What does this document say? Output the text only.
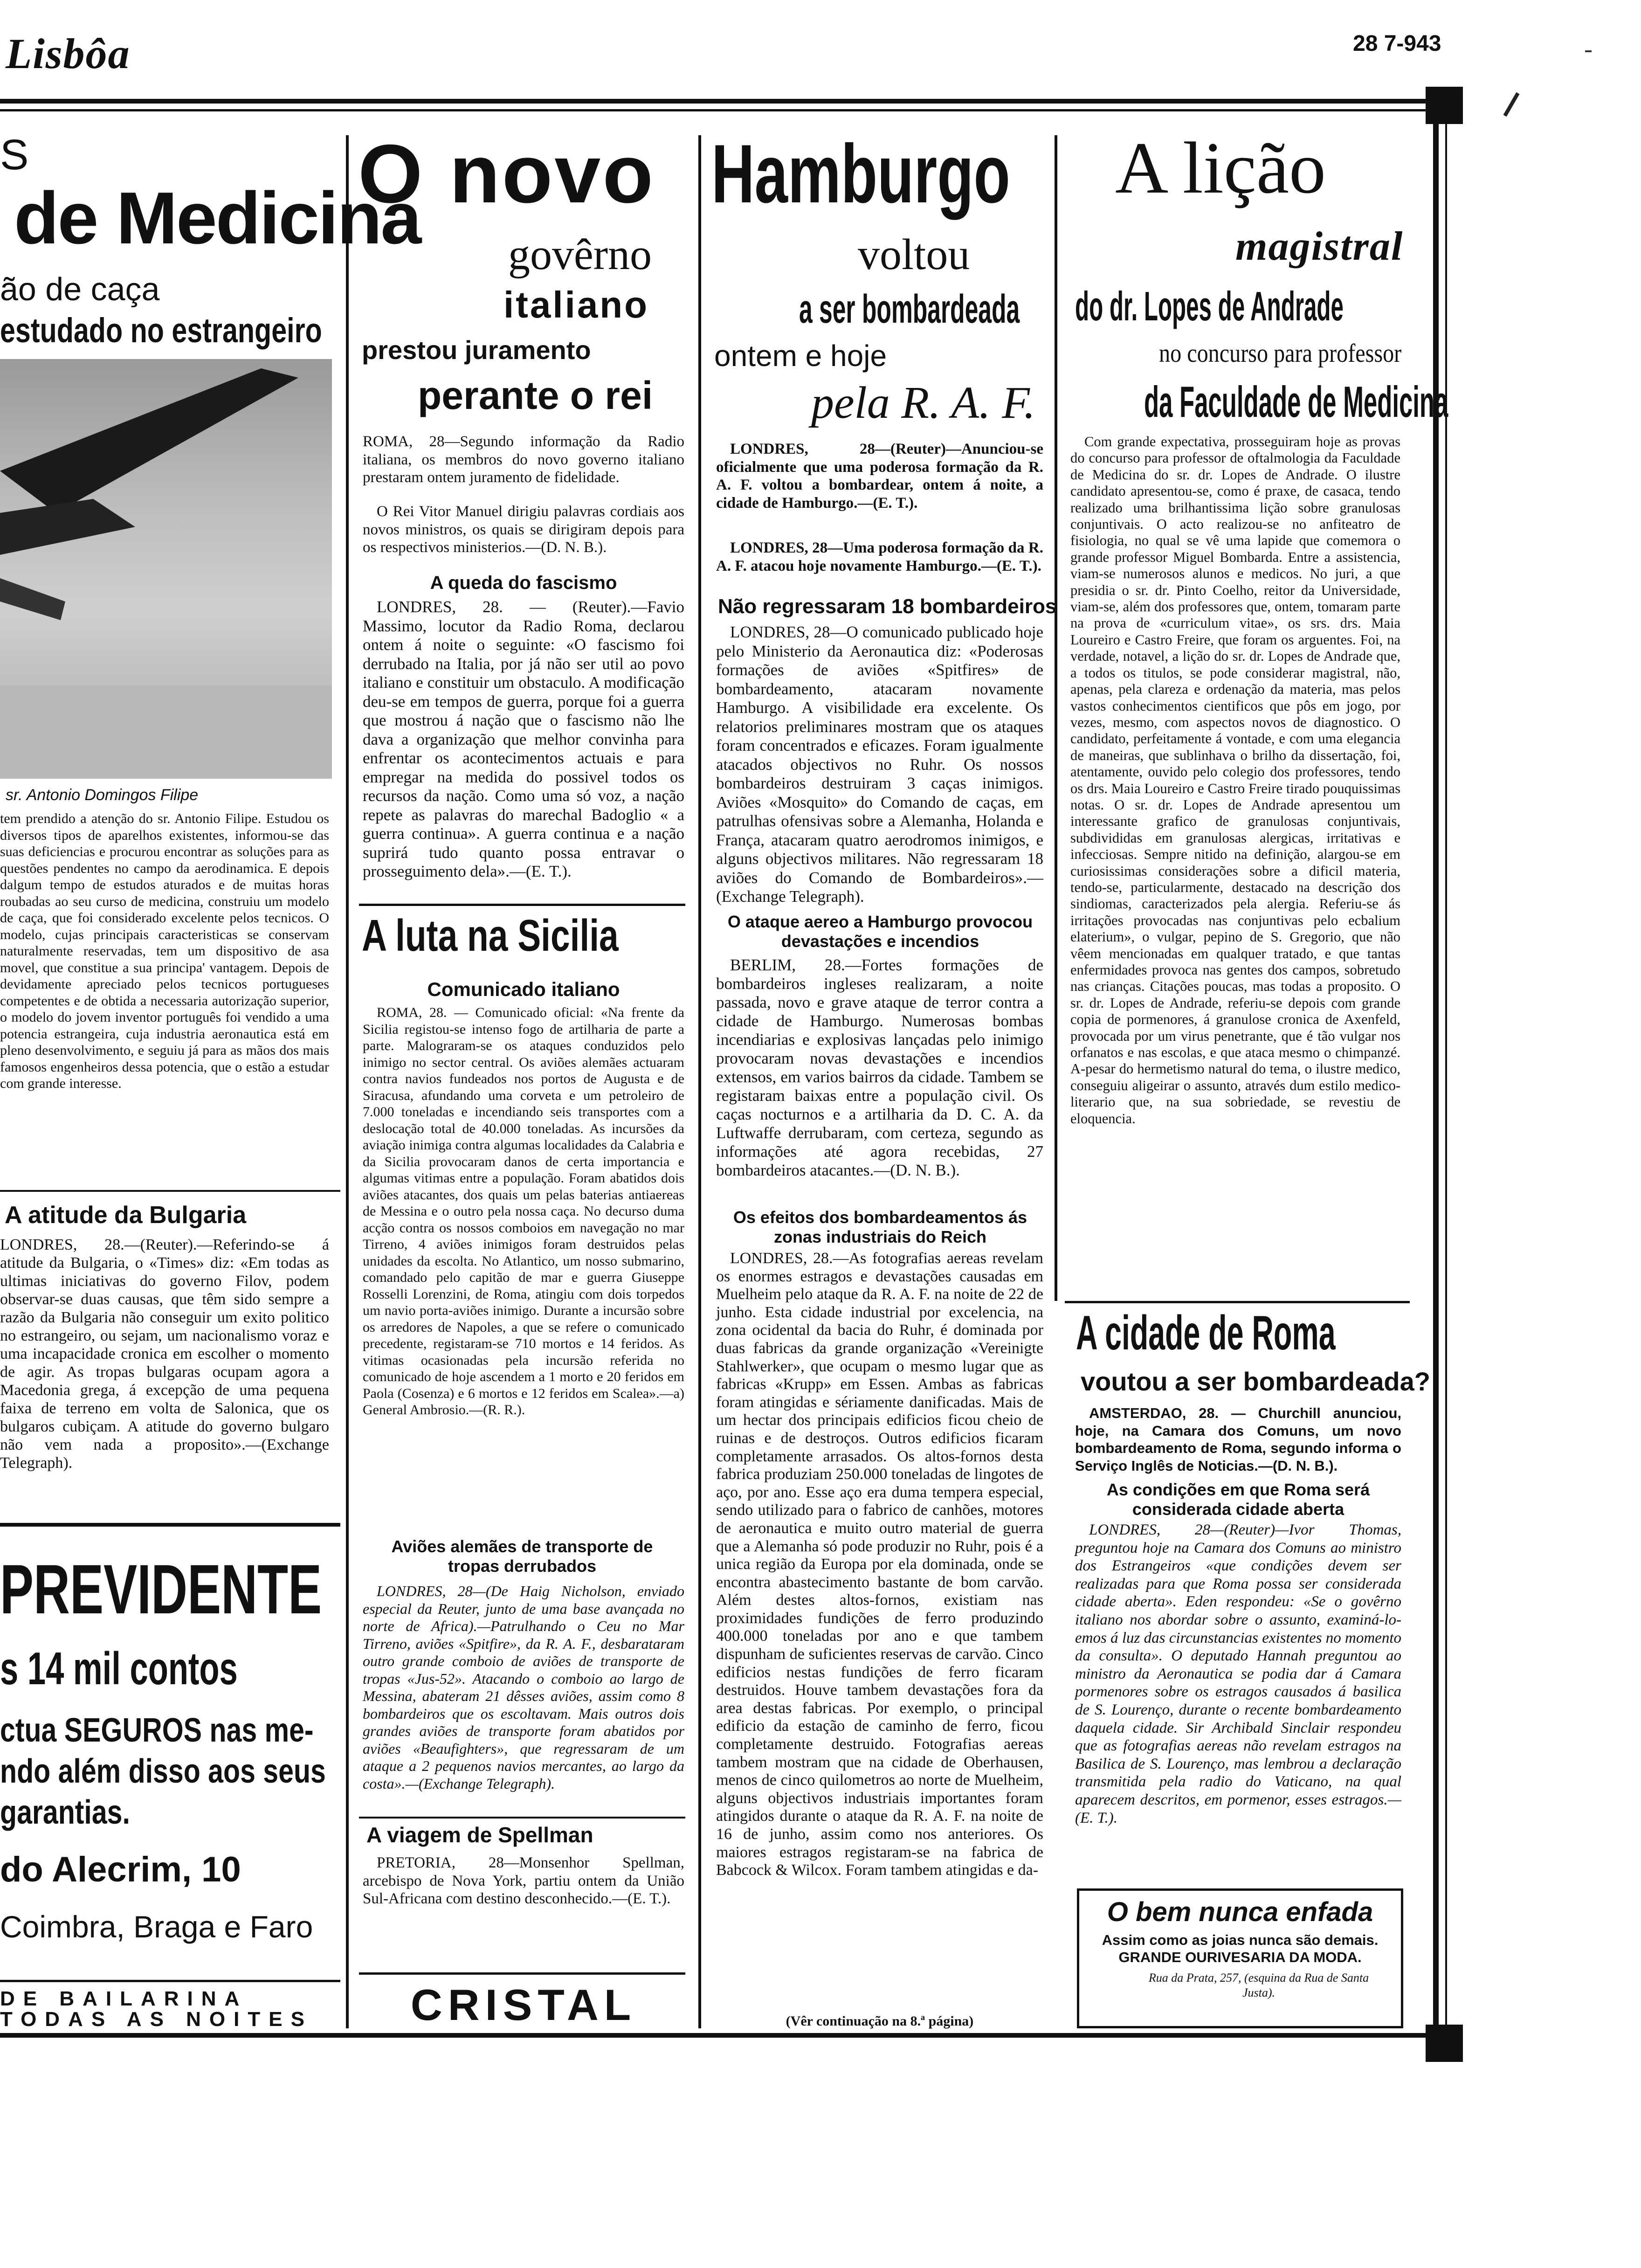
Lisbôa	28 7-943
S
de Medicina
ão de caça
estudado no estrangeiro
sr. Antonio Domingos Filipe
tem prendido a atenção do sr. Antonio Filipe. Estudou os diversos tipos de aparelhos existentes, informou-se das suas deficiencias e procurou encontrar as soluções para as questões pendentes no campo da aerodinamica. E depois dalgum tempo de estudos aturados e de muitas horas roubadas ao seu curso de medicina, construiu um modelo de caça, que foi considerado excelente pelos tecnicos. O modelo, cujas principais caracteristicas se conservam naturalmente reservadas, tem um dispositivo de asa movel, que constitue a sua principa' vantagem. Depois de devidamente apreciado pelos tecnicos portugueses competentes e de obtida a necessaria autorização superior, o modelo do jovem inventor português foi vendido a uma potencia estrangeira, cuja industria aeronautica está em pleno desenvolvimento, e seguiu já para as mãos dos mais famosos engenheiros dessa potencia, que o estão a estudar com grande interesse.
A atitude da Bulgaria
LONDRES, 28.—(Reuter).—Referindo-se á atitude da Bulgaria, o «Times» diz: «Em todas as ultimas iniciativas do governo Filov, podem observar-se duas causas, que têm sido sempre a razão da Bulgaria não conseguir um exito politico no estrangeiro, ou sejam, um nacionalismo voraz e uma incapacidade cronica em escolher o momento de agir. As tropas bulgaras ocupam agora a Macedonia grega, á excepção de uma pequena faixa de terreno em volta de Salonica, que os bulgaros cubiçam. A atitude do governo bulgaro não vem nada a proposito».—(Exchange Telegraph).
PREVIDENTE
s 14 mil contos
ctua SEGUROS nas me-
ndo além disso aos seus
garantias.
do Alecrim, 10
Coimbra, Braga e Faro
DE BAILARINA
TODAS AS NOITES
O novo
govêrno
italiano
prestou juramento
perante o rei
ROMA, 28—Segundo informação da Radio italiana, os membros do novo governo italiano prestaram ontem juramento de fidelidade.
O Rei Vitor Manuel dirigiu palavras cordiais aos novos ministros, os quais se dirigiram depois para os respectivos ministerios.—(D. N. B.).
A queda do fascismo
LONDRES, 28. — (Reuter).—Favio Massimo, locutor da Radio Roma, declarou ontem á noite o seguinte: «O fascismo foi derrubado na Italia, por já não ser util ao povo italiano e constituir um obstaculo. A modificação deu-se em tempos de guerra, porque foi a guerra que mostrou á nação que o fascismo não lhe dava a organização que melhor convinha para enfrentar os acontecimentos actuais e para empregar na medida do possivel todos os recursos da nação. Como uma só voz, a nação repete as palavras do marechal Badoglio « a guerra continua». A guerra continua e a nação suprirá tudo quanto possa entravar o prosseguimento dela».—(E. T.).
A luta na Sicilia
Comunicado italiano
ROMA, 28. — Comunicado oficial: «Na frente da Sicilia registou-se intenso fogo de artilharia de parte a parte. Malograram-se os ataques conduzidos pelo inimigo no sector central. Os aviões alemães actuaram contra navios fundeados nos portos de Augusta e de Siracusa, afundando uma corveta e um petroleiro de 7.000 toneladas e incendiando seis transportes com a deslocação total de 40.000 toneladas. As incursões da aviação inimiga contra algumas localidades da Calabria e da Sicilia provocaram danos de certa importancia e algumas vitimas entre a população. Foram abatidos dois aviões atacantes, dos quais um pelas baterias antiaereas de Messina e o outro pela nossa caça. No decurso duma acção contra os nossos comboios em navegação no mar Tirreno, 4 aviões inimigos foram destruidos pelas unidades da escolta. No Atlantico, um nosso submarino, comandado pelo capitão de mar e guerra Giuseppe Rosselli Lorenzini, de Roma, atingiu com dois torpedos um navio porta-aviões inimigo. Durante a incursão sobre os arredores de Napoles, a que se refere o comunicado precedente, registaram-se 710 mortos e 14 feridos. As vitimas ocasionadas pela incursão referida no comunicado de hoje ascendem a 1 morto e 20 feridos em Paola (Cosenza) e 6 mortos e 12 feridos em Scalea».—a) General Ambrosio.—(R. R.).
Aviões alemães de transporte de tropas derrubados
LONDRES, 28—(De Haig Nicholson, enviado especial da Reuter, junto de uma base avançada no norte de Africa).—Patrulhando o Ceu no Mar Tirreno, aviões «Spitfire», da R. A. F., desbarataram outro grande comboio de aviões de transporte de tropas «Jus-52». Atacando o comboio ao largo de Messina, abateram 21 dêsses aviões, assim como 8 bombardeiros que os escoltavam. Mais outros dois grandes aviões de transporte foram abatidos por aviões «Beaufighters», que regressaram de um ataque a 2 pequenos navios mercantes, ao largo da costa».—(Exchange Telegraph).
A viagem de Spellman
PRETORIA, 28—Monsenhor Spellman, arcebispo de Nova York, partiu ontem da União Sul-Africana com destino desconhecido.—(E. T.).
CRISTAL
Hamburgo
voltou
a ser bombardeada
ontem e hoje
pela R. A. F.
LONDRES, 28—(Reuter)—Anunciou-se oficialmente que uma poderosa formação da R. A. F. voltou a bombardear, ontem á noite, a cidade de Hamburgo.—(E. T.).
LONDRES, 28—Uma poderosa formação da R. A. F. atacou hoje novamente Hamburgo.—(E. T.).
Não regressaram 18 bombardeiros
LONDRES, 28—O comunicado publicado hoje pelo Ministerio da Aeronautica diz: «Poderosas formações de aviões «Spitfires» de bombardeamento, atacaram novamente Hamburgo. A visibilidade era excelente. Os relatorios preliminares mostram que os ataques foram concentrados e eficazes. Foram igualmente atacados objectivos no Ruhr. Os nossos bombardeiros destruiram 3 caças inimigos. Aviões «Mosquito» do Comando de caças, em patrulhas ofensivas sobre a Alemanha, Holanda e França, atacaram quatro aerodromos inimigos, e alguns objectivos militares. Não regressaram 18 aviões do Comando de Bombardeiros».—(Exchange Telegraph).
O ataque aereo a Hamburgo provocou devastações e incendios
BERLIM, 28.—Fortes formações de bombardeiros ingleses realizaram, a noite passada, novo e grave ataque de terror contra a cidade de Hamburgo. Numerosas bombas incendiarias e explosivas lançadas pelo inimigo provocaram novas devastações e incendios extensos, em varios bairros da cidade. Tambem se registaram baixas entre a população civil. Os caças nocturnos e a artilharia da D. C. A. da Luftwaffe derrubaram, com certeza, segundo as informações até agora recebidas, 27 bombardeiros atacantes.—(D. N. B.).
Os efeitos dos bombardeamentos ás zonas industriais do Reich
LONDRES, 28.—As fotografias aereas revelam os enormes estragos e devastações causadas em Muelheim pelo ataque da R. A. F. na noite de 22 de junho. Esta cidade industrial por excelencia, na zona ocidental da bacia do Ruhr, é dominada por duas fabricas da grande organização «Vereinigte Stahlwerker», que ocupam o mesmo lugar que as fabricas «Krupp» em Essen. Ambas as fabricas foram atingidas e sériamente danificadas. Mais de um hectar dos principais edificios ficou cheio de ruinas e de destroços. Outros edificios ficaram completamente arrasados. Os altos-fornos desta fabrica produziam 250.000 toneladas de lingotes de aço, por ano. Esse aço era duma tempera especial, sendo utilizado para o fabrico de canhões, motores de aeronautica e muito outro material de guerra que a Alemanha só pode produzir no Ruhr, pois é a unica região da Europa por ela dominada, onde se encontra abastecimento bastante de bom carvão. Além destes altos-fornos, existiam nas proximidades fundições de ferro produzindo 400.000 toneladas por ano e que tambem dispunham de suficientes reservas de carvão. Cinco edificios nestas fundições de ferro ficaram destruidos. Houve tambem devastações fora da area destas fabricas. Por exemplo, o principal edificio da estação de caminho de ferro, ficou completamente destruido. Fotografias aereas tambem mostram que na cidade de Oberhausen, menos de cinco quilometros ao norte de Muelheim, alguns objectivos industriais importantes foram atingidos durante o ataque da R. A. F. na noite de 16 de junho, assim como nos anteriores. Os maiores estragos registaram-se na fabrica de Babcock & Wilcox. Foram tambem atingidas e da-
(Vêr continuação na 8.ª página)
A lição
magistral
do dr. Lopes de Andrade
no concurso para professor
da Faculdade de Medicina
Com grande expectativa, prosseguiram hoje as provas do concurso para professor de oftalmologia da Faculdade de Medicina do sr. dr. Lopes de Andrade. O ilustre candidato apresentou-se, como é praxe, de casaca, tendo realizado uma brilhantissima lição sobre granulosas conjuntivais. O acto realizou-se no anfiteatro de fisiologia, no qual se vê uma lapide que comemora o grande professor Miguel Bombarda. Entre a assistencia, viam-se numerosos alunos e medicos. No juri, a que presidia o sr. dr. Pinto Coelho, reitor da Universidade, viam-se, além dos professores que, ontem, tomaram parte na prova de «curriculum vitae», os srs. drs. Maia Loureiro e Castro Freire, que foram os arguentes. Foi, na verdade, notavel, a lição do sr. dr. Lopes de Andrade que, a todos os titulos, se pode considerar magistral, não, apenas, pela clareza e ordenação da materia, mas pelos vastos conhecimentos cientificos que pôs em jogo, por vezes, mesmo, com aspectos novos de diagnostico. O candidato, perfeitamente á vontade, e com uma elegancia de maneiras, que sublinhava o brilho da dissertação, foi, atentamente, ouvido pelo colegio dos professores, tendo os drs. Maia Loureiro e Castro Freire tirado pouquissimas notas. O sr. dr. Lopes de Andrade apresentou um interessante grafico de granulosas conjuntivais, subdivididas em granulosas alergicas, irritativas e infecciosas. Sempre nitido na definição, alargou-se em curiosissimas considerações sobre a dificil materia, tendo-se, particularmente, destacado na descrição dos sindiomas, caracterizados pela alergia. Referiu-se ás irritações provocadas nas conjuntivas pelo ecbalium elaterium», o vulgar, pepino de S. Gregorio, que não vêem mencionadas em qualquer tratado, e que tantas enfermidades provoca nas gentes dos campos, sobretudo nas crianças. Citações poucas, mas todas a proposito. O sr. dr. Lopes de Andrade, referiu-se depois com grande copia de pormenores, á granulose cronica de Axenfeld, provocada por um virus penetrante, que é tão vulgar nos orfanatos e nas escolas, e que ataca mesmo o chimpanzé. A-pesar do hermetismo natural do tema, o ilustre medico, conseguiu aligeirar o assunto, através dum estilo medico-literario que, na sua sobriedade, se revestiu de eloquencia.
A cidade de Roma
voutou a ser bombardeada?
AMSTERDAO, 28. — Churchill anunciou, hoje, na Camara dos Comuns, um novo bombardeamento de Roma, segundo informa o Serviço Inglês de Noticias.—(D. N. B.).
As condições em que Roma será considerada cidade aberta
LONDRES, 28—(Reuter)—Ivor Thomas, preguntou hoje na Camara dos Comuns ao ministro dos Estrangeiros «que condições devem ser realizadas para que Roma possa ser considerada cidade aberta». Eden respondeu: «Se o govêrno italiano nos abordar sobre o assunto, examiná-lo-emos á luz das circunstancias existentes no momento da consulta». O deputado Hannah preguntou ao ministro da Aeronautica se podia dar á Camara pormenores sobre os estragos causados á basilica de S. Lourenço, durante o recente bombardeamento daquela cidade. Sir Archibald Sinclair respondeu que as fotografias aereas não revelam estragos na Basilica de S. Lourenço, mas lembrou a declaração transmitida pela radio do Vaticano, na qual aparecem descritos, em pormenor, esses estragos.—(E. T.).
O bem nunca enfada
Assim como as joias nunca são demais. GRANDE OURIVESARIA DA MODA.
Rua da Prata, 257, (esquina da Rua de Santa Justa).
